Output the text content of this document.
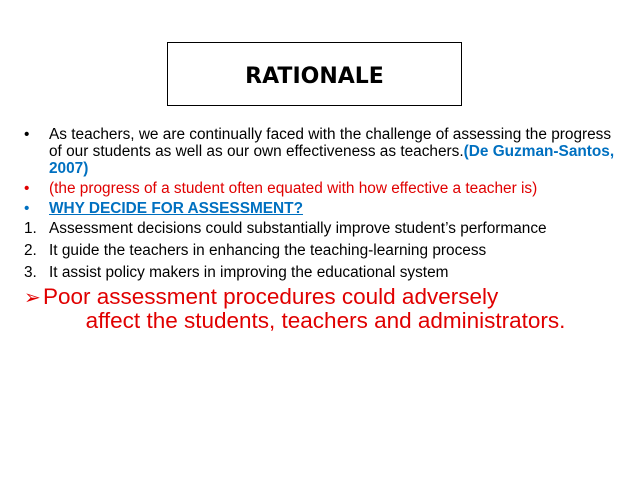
RATIONALE
•	As teachers, we are continually faced with the challenge of assessing the progress of our students as well as our own effectiveness as teachers.(De Guzman-Santos, 2007)
•	(the progress of a student often equated with how effective a teacher is)
•	WHY DECIDE FOR ASSESSMENT?
1. Assessment decisions could substantially improve student’s performance
2. It guide the teachers in enhancing the teaching-learning process
3. It assist policy makers in improving the educational system
➢ Poor assessment procedures could adversely
affect the students, teachers and administrators.
